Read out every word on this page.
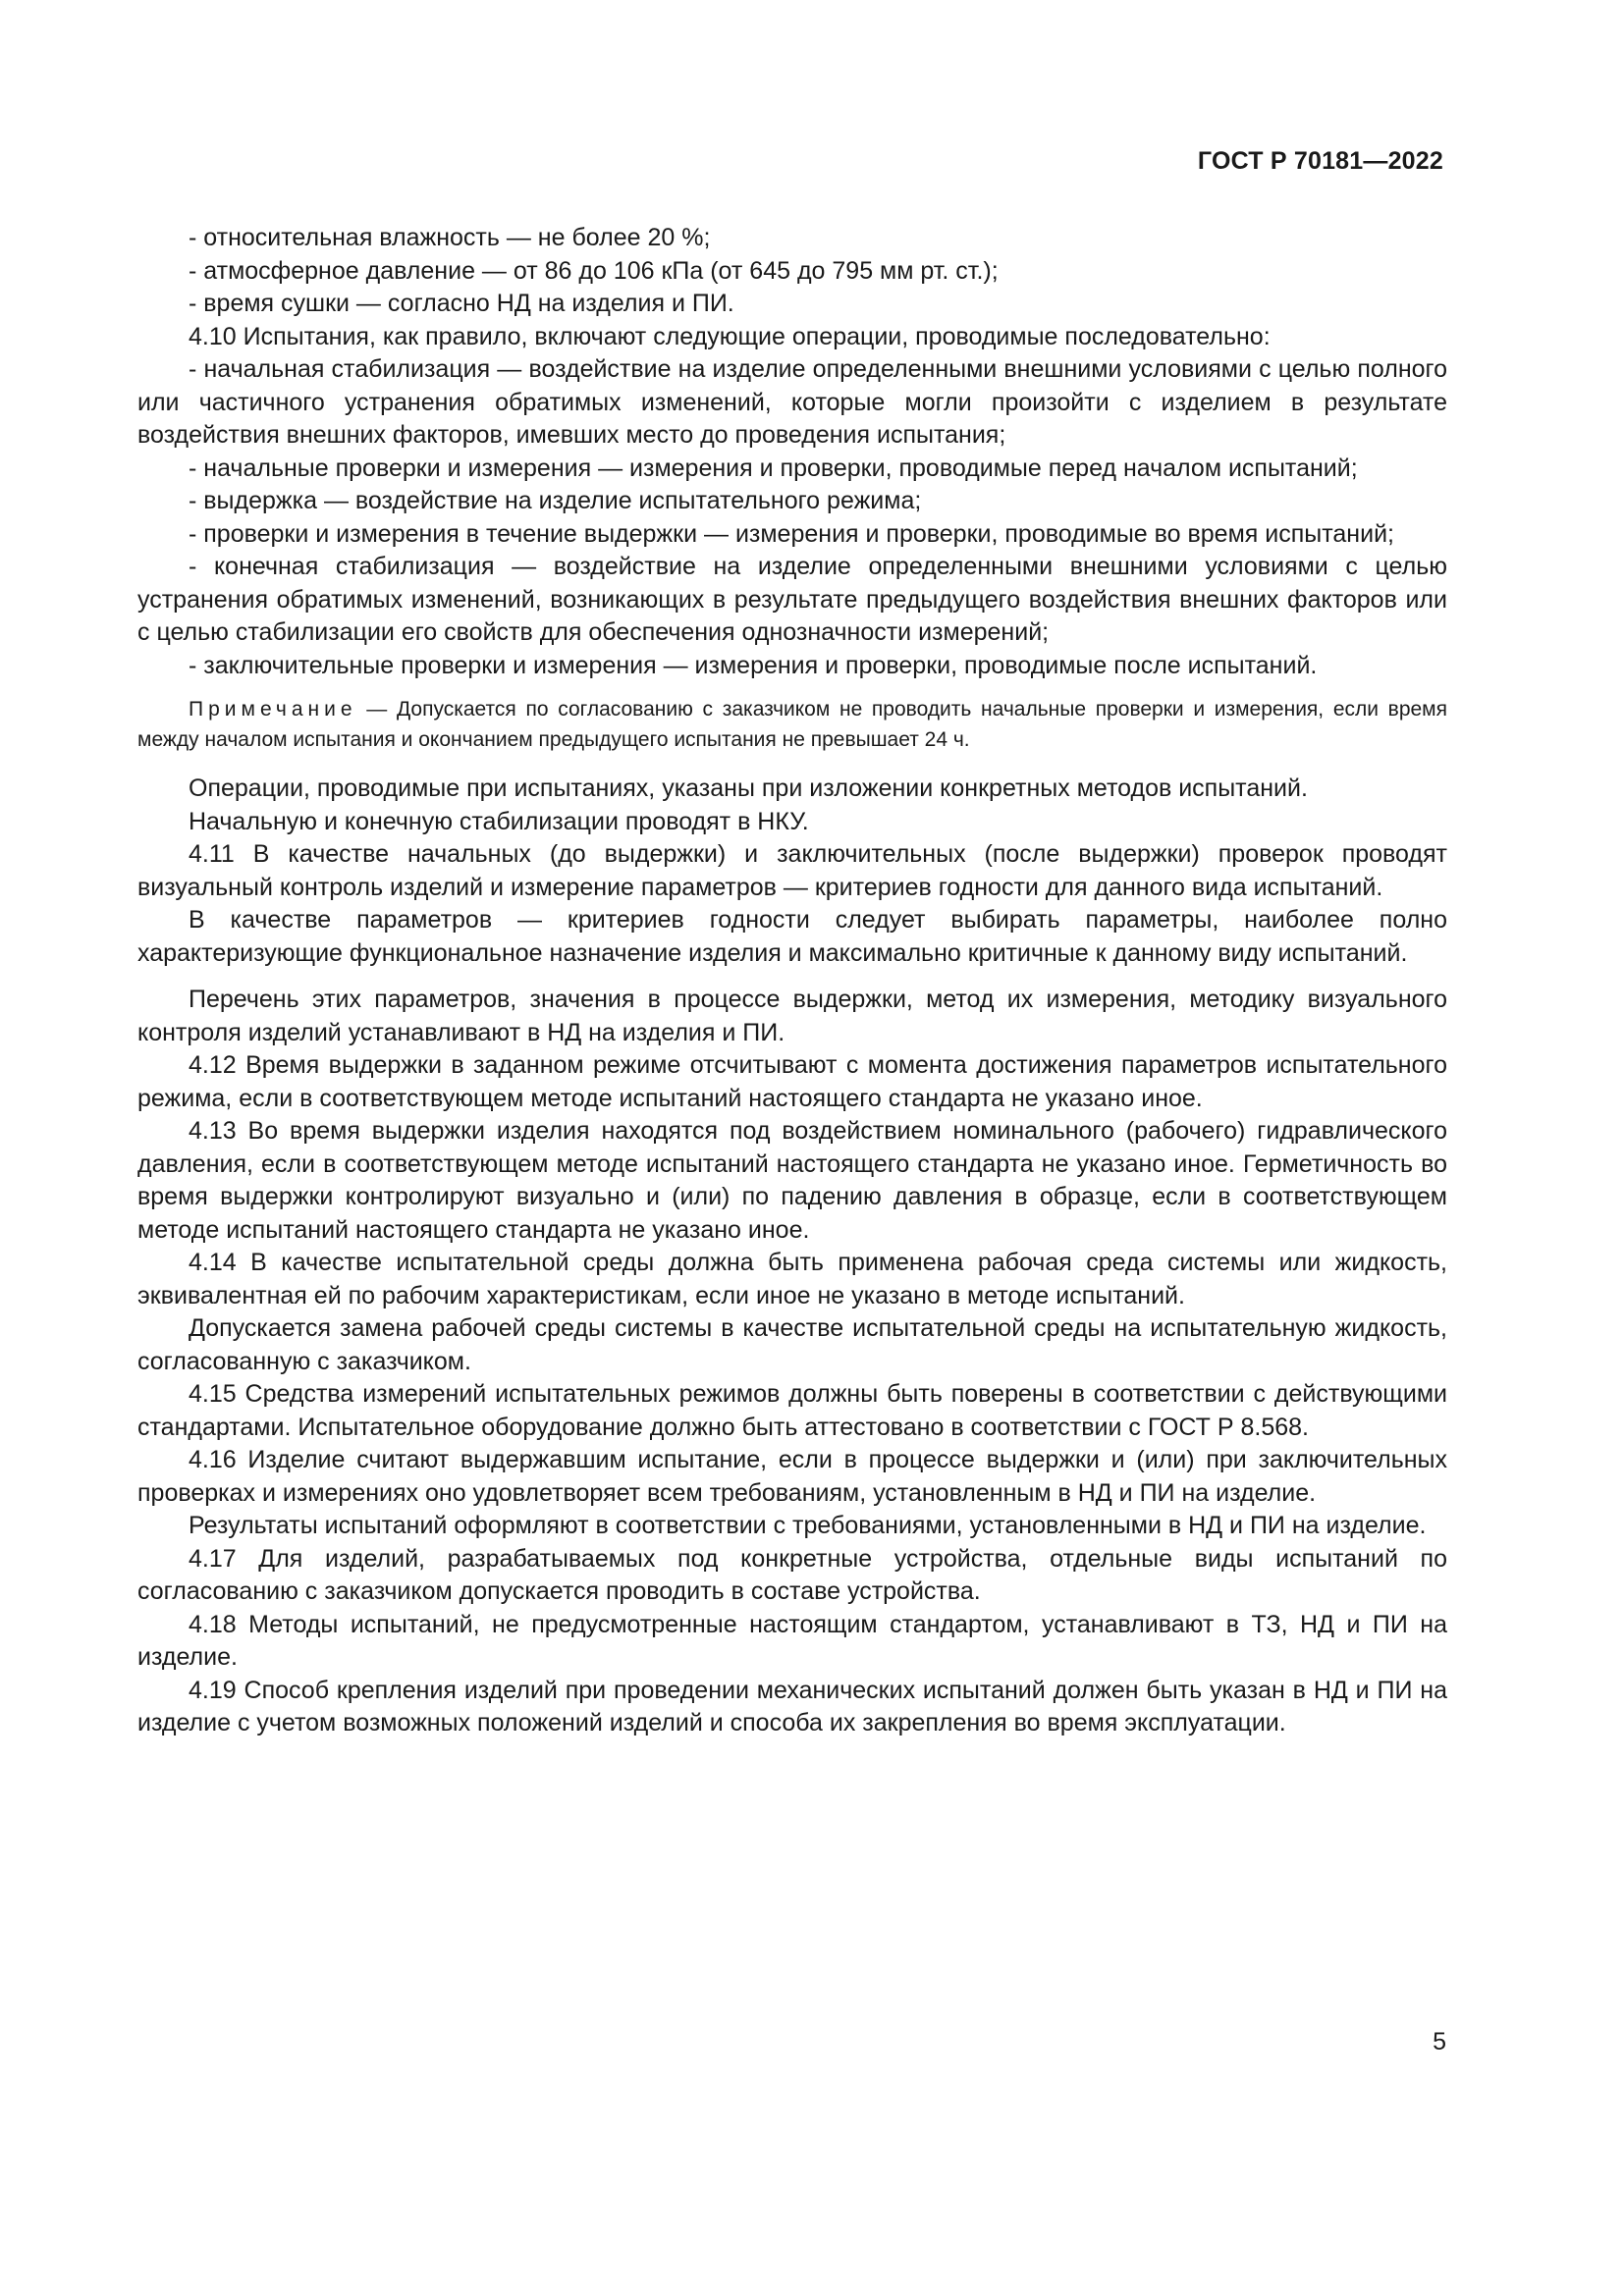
ГОСТ Р 70181—2022

- относительная влажность — не более 20 %;

- атмосферное давление — от 86 до 106 кПа (от 645 до 795 мм рт. ст.);

- время сушки — согласно НД на изделия и ПИ.

4.10 Испытания, как правило, включают следующие операции, проводимые последовательно:

- начальная стабилизация — воздействие на изделие определенными внешними условиями с целью полного или частичного устранения обратимых изменений, которые могли произойти с изделием в результате воздействия внешних факторов, имевших место до проведения испытания;

- начальные проверки и измерения — измерения и проверки, проводимые перед началом испытаний;

- выдержка — воздействие на изделие испытательного режима;

- проверки и измерения в течение выдержки — измерения и проверки, проводимые во время испытаний;

- конечная стабилизация — воздействие на изделие определенными внешними условиями с целью устранения обратимых изменений, возникающих в результате предыдущего воздействия внешних факторов или с целью стабилизации его свойств для обеспечения однозначности измерений;

- заключительные проверки и измерения — измерения и проверки, проводимые после испытаний.

Примечание — Допускается по согласованию с заказчиком не проводить начальные проверки и измерения, если время между началом испытания и окончанием предыдущего испытания не превышает 24 ч.

Операции, проводимые при испытаниях, указаны при изложении конкретных методов испытаний.

Начальную и конечную стабилизации проводят в НКУ.

4.11 В качестве начальных (до выдержки) и заключительных (после выдержки) проверок проводят визуальный контроль изделий и измерение параметров — критериев годности для данного вида испытаний.

В качестве параметров — критериев годности следует выбирать параметры, наиболее полно характеризующие функциональное назначение изделия и максимально критичные к данному виду испытаний.

Перечень этих параметров, значения в процессе выдержки, метод их измерения, методику визуального контроля изделий устанавливают в НД на изделия и ПИ.

4.12 Время выдержки в заданном режиме отсчитывают с момента достижения параметров испытательного режима, если в соответствующем методе испытаний настоящего стандарта не указано иное.

4.13 Во время выдержки изделия находятся под воздействием номинального (рабочего) гидравлического давления, если в соответствующем методе испытаний настоящего стандарта не указано иное. Герметичность во время выдержки контролируют визуально и (или) по падению давления в образце, если в соответствующем методе испытаний настоящего стандарта не указано иное.

4.14 В качестве испытательной среды должна быть применена рабочая среда системы или жидкость, эквивалентная ей по рабочим характеристикам, если иное не указано в методе испытаний.

Допускается замена рабочей среды системы в качестве испытательной среды на испытательную жидкость, согласованную с заказчиком.

4.15 Средства измерений испытательных режимов должны быть поверены в соответствии с действующими стандартами. Испытательное оборудование должно быть аттестовано в соответствии с ГОСТ Р 8.568.

4.16 Изделие считают выдержавшим испытание, если в процессе выдержки и (или) при заключительных проверках и измерениях оно удовлетворяет всем требованиям, установленным в НД и ПИ на изделие.

Результаты испытаний оформляют в соответствии с требованиями, установленными в НД и ПИ на изделие.

4.17 Для изделий, разрабатываемых под конкретные устройства, отдельные виды испытаний по согласованию с заказчиком допускается проводить в составе устройства.

4.18 Методы испытаний, не предусмотренные настоящим стандартом, устанавливают в ТЗ, НД и ПИ на изделие.

4.19 Способ крепления изделий при проведении механических испытаний должен быть указан в НД и ПИ на изделие с учетом возможных положений изделий и способа их закрепления во время эксплуатации.

5
